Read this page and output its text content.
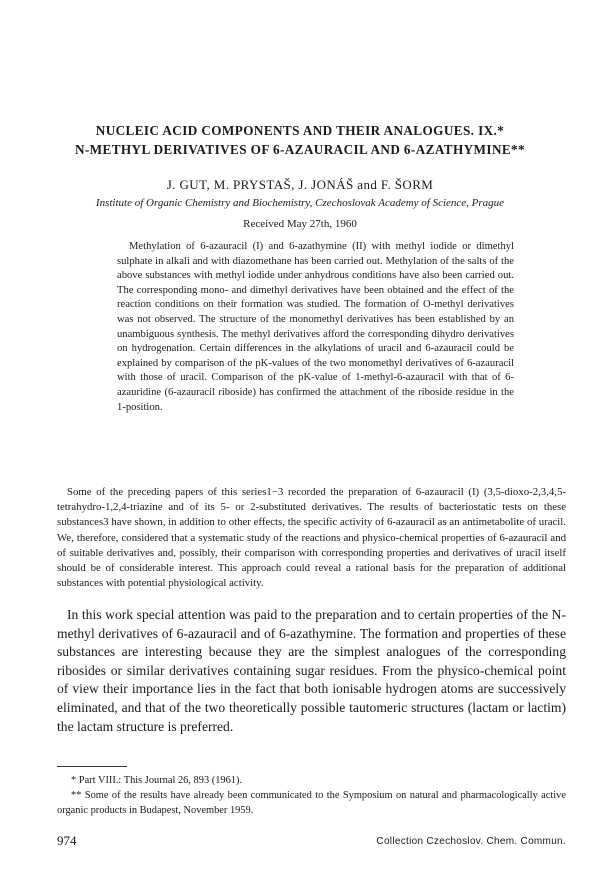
NUCLEIC ACID COMPONENTS AND THEIR ANALOGUES. IX.*
N-METHYL DERIVATIVES OF 6-AZAURACIL AND 6-AZATHYMINE**
J. GUT, M. PRYSTAŠ, J. JONÁŠ and F. ŠORM
Institute of Organic Chemistry and Biochemistry, Czechoslovak Academy of Science, Prague
Received May 27th, 1960

Methylation of 6-azauracil (I) and 6-azathymine (II) with methyl iodide or dimethyl sulphate in alkali and with diazomethane has been carried out. Methylation of the salts of the above substances with methyl iodide under anhydrous conditions have also been carried out. The corresponding mono- and dimethyl derivatives have been obtained and the effect of the reaction conditions on their formation was studied. The formation of O-methyl derivatives was not observed. The structure of the monomethyl derivatives has been established by an unambiguous synthesis. The methyl derivatives afford the corresponding dihydro derivatives on hydrogenation. Certain differences in the alkylations of uracil and 6-azauracil could be explained by comparison of the pK-values of the two monomethyl derivatives of 6-azauracil with those of uracil. Comparison of the pK-value of 1-methyl-6-azauracil with that of 6-azauridine (6-azauracil riboside) has confirmed the attachment of the riboside residue in the 1-position.

Some of the preceding papers of this series1−3 recorded the preparation of 6-azauracil (I) (3,5-dioxo-2,3,4,5-tetrahydro-1,2,4-triazine and of its 5- or 2-substituted derivatives. The results of bacteriostatic tests on these substances3 have shown, in addition to other effects, the specific activity of 6-azauracil as an antimetabolite of uracil. We, therefore, considered that a systematic study of the reactions and physico-chemical properties of 6-azauracil and of suitable derivatives and, possibly, their comparison with corresponding properties and derivatives of uracil itself should be of considerable interest. This approach could reveal a rational basis for the preparation of additional substances with potential physiological activity.

In this work special attention was paid to the preparation and to certain properties of the N-methyl derivatives of 6-azauracil and of 6-azathymine. The formation and properties of these substances are interesting because they are the simplest analogues of the corresponding ribosides or similar derivatives containing sugar residues. From the physico-chemical point of view their importance lies in the fact that both ionisable hydrogen atoms are successively eliminated, and that of the two theoretically possible tautomeric structures (lactam or lactim) the lactam structure is preferred.

* Part VIII.: This Journal 26, 893 (1961).

** Some of the results have already been communicated to the Symposium on natural and pharmacologically active organic products in Budapest, November 1959.

974	Collection Czechoslov. Chem. Commun.
